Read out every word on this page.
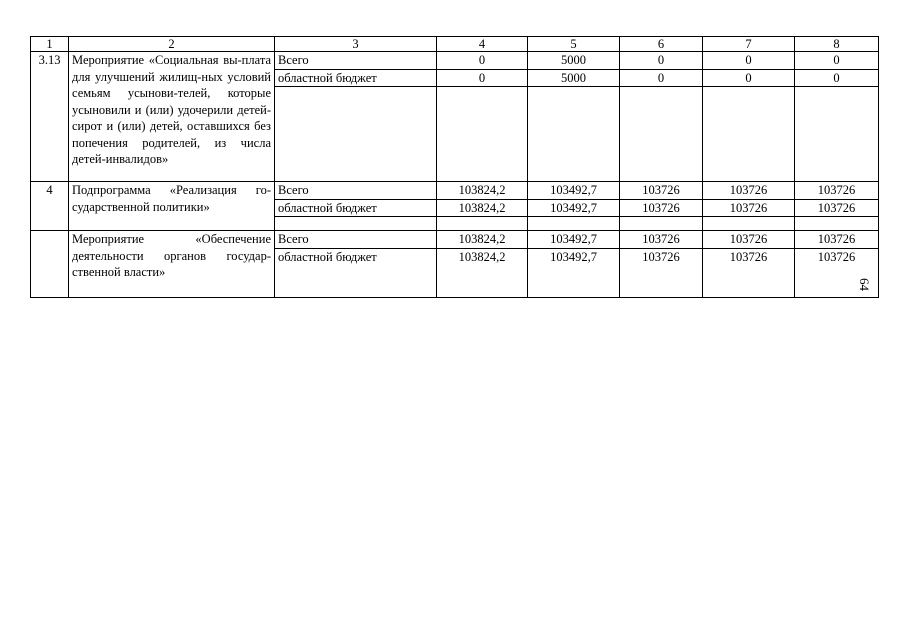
1	2	3	4	5	6	7	8
3.13	Мероприятие «Социальная вы-плата для улучшений жилищ-ных условий семьям усынови-телей, которые усыновили и (или) удочерили детей-сирот и (или) детей, оставшихся без попечения родителей, из числа детей-инвалидов»	Всего	0	5000	0	0	0
		областной бюджет	0	5000	0	0	0

4	Подпрограмма «Реализация го-сударственной политики»	Всего	103824,2	103492,7	103726	103726	103726
		областной бюджет	103824,2	103492,7	103726	103726	103726

	Мероприятие «Обеспечение деятельности органов государ-ственной власти»	Всего	103824,2	103492,7	103726	103726	103726
		областной бюджет	103824,2	103492,7	103726	103726	103726

64
